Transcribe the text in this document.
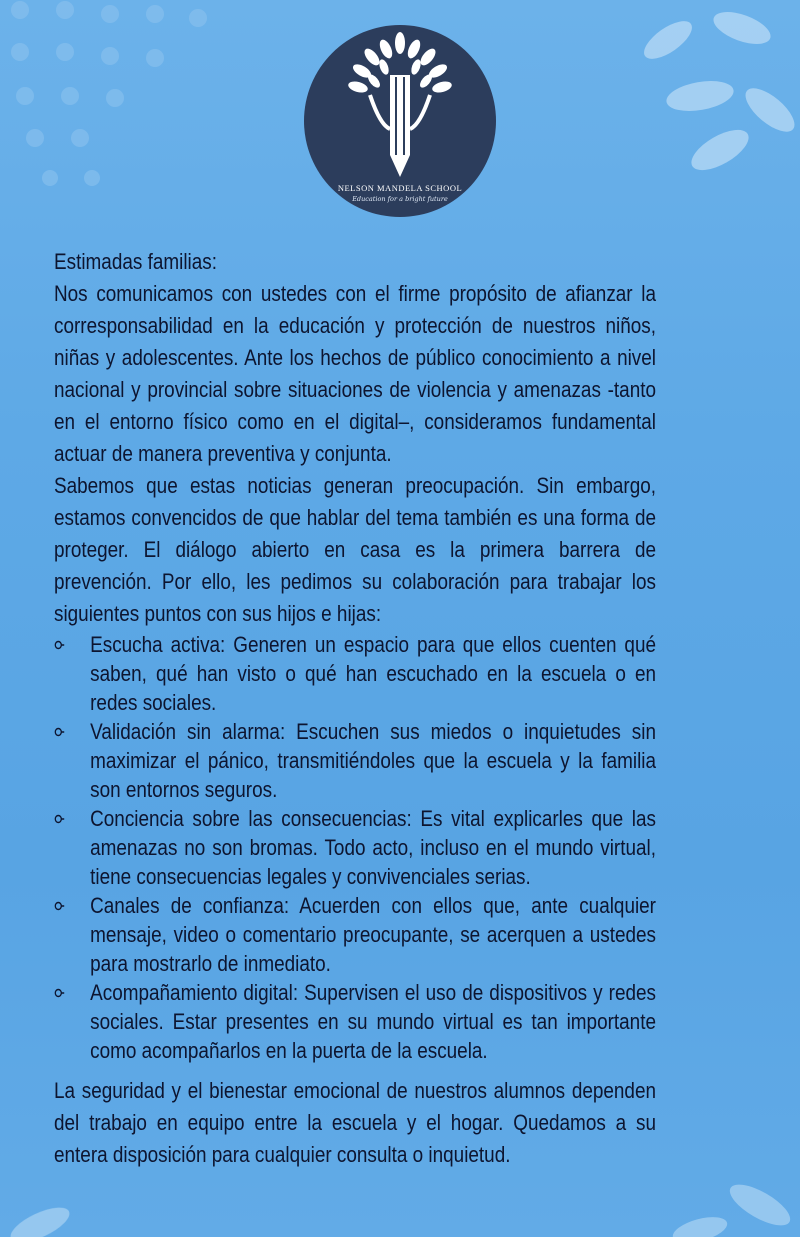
NELSON MANDELA SCHOOL
Education for a bright future

Estimadas familias:

Nos comunicamos con ustedes con el firme propósito de afianzar la corresponsabilidad en la educación y protección de nuestros niños, niñas y adolescentes. Ante los hechos de público conocimiento a nivel nacional y provincial sobre situaciones de violencia y amenazas -tanto en el entorno físico como en el digital–, consideramos fundamental actuar de manera preventiva y conjunta.

Sabemos que estas noticias generan preocupación. Sin embargo, estamos convencidos de que hablar del tema también es una forma de proteger. El diálogo abierto en casa es la primera barrera de prevención. Por ello, les pedimos su colaboración para trabajar los siguientes puntos con sus hijos e hijas:

Escucha activa: Generen un espacio para que ellos cuenten qué saben, qué han visto o qué han escuchado en la escuela o en redes sociales.
Validación sin alarma: Escuchen sus miedos o inquietudes sin maximizar el pánico, transmitiéndoles que la escuela y la familia son entornos seguros.
Conciencia sobre las consecuencias: Es vital explicarles que las amenazas no son bromas. Todo acto, incluso en el mundo virtual, tiene consecuencias legales y convivenciales serias.
Canales de confianza: Acuerden con ellos que, ante cualquier mensaje, video o comentario preocupante, se acerquen a ustedes para mostrarlo de inmediato.
Acompañamiento digital: Supervisen el uso de dispositivos y redes sociales. Estar presentes en su mundo virtual es tan importante como acompañarlos en la puerta de la escuela.

La seguridad y el bienestar emocional de nuestros alumnos dependen del trabajo en equipo entre la escuela y el hogar. Quedamos a su entera disposición para cualquier consulta o inquietud.
